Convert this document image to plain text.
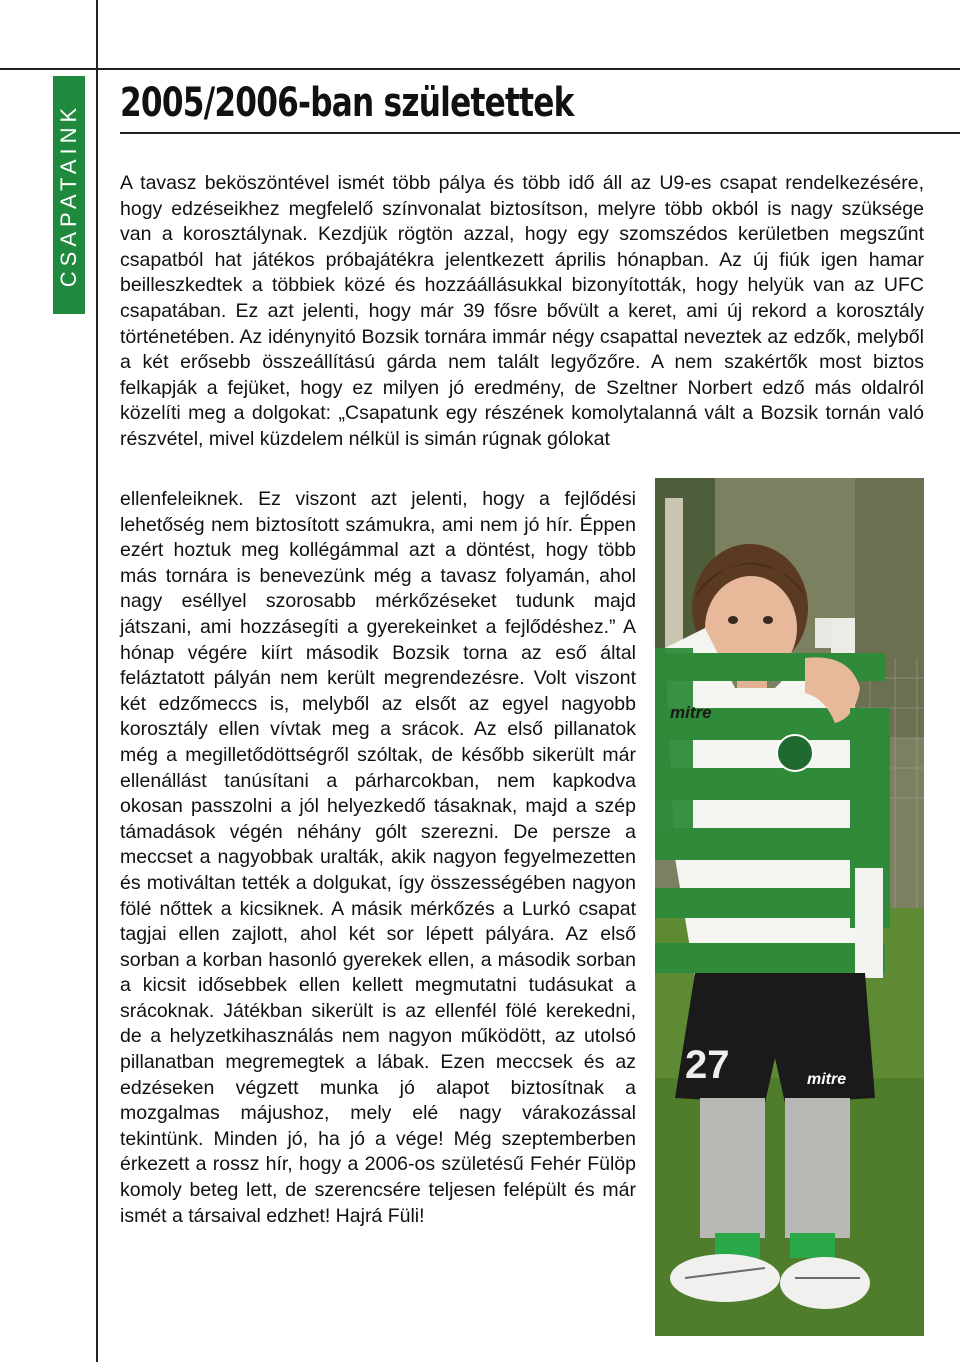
CSAPATAINK 2005/2006-ban születettek

A tavasz beköszöntével ismét több pálya és több idő áll az U9-es csapat rendelkezésére, hogy edzéseikhez megfelelő színvonalat biztosítson, melyre több okból is nagy szüksége van a korosztálynak. Kezdjük rögtön azzal, hogy egy szomszédos kerületben megszűnt csapatból hat játékos próbajátékra jelentkezett április hónapban. Az új fiúk igen hamar beilleszkedtek a többiek közé és hozzáállásukkal bizonyították, hogy helyük van az UFC csapatában. Ez azt jelenti, hogy már 39 fősre bővült a keret, ami új rekord a korosztály történetében. Az idénynyitó Bozsik tornára immár négy csapattal neveztek az edzők, melyből a két erősebb összeállítású gárda nem talált legyőzőre. A nem szakértők most biztos felkapják a fejüket, hogy ez milyen jó eredmény, de Szeltner Norbert edző más oldalról közelíti meg a dolgokat: „Csapatunk egy részének komolytalanná vált a Bozsik tornán való részvétel, mivel küzdelem nélkül is simán rúgnak gólokat

27
mitre
mitre

ellenfeleiknek. Ez viszont azt jelenti, hogy a fejlődési lehetőség nem biztosított számukra, ami nem jó hír. Éppen ezért hoztuk meg kollégámmal azt a döntést, hogy több más tornára is benevezünk még a tavasz folyamán, ahol nagy eséllyel szorosabb mérkőzéseket tudunk majd játszani, ami hozzásegíti a gyerekeinket a fejlődéshez.” A hónap végére kiírt második Bozsik torna az eső által feláztatott pályán nem került megrendezésre. Volt viszont két edzőmeccs is, melyből az elsőt az egyel nagyobb korosztály ellen vívtak meg a srácok. Az első pillanatok még a megilletődöttségről szóltak, de később sikerült már ellenállást tanúsítani a párharcokban, nem kapkodva okosan passzolni a jól helyezkedő tásaknak, majd a szép támadások végén néhány gólt szerezni. De persze a meccset a nagyobbak uralták, akik nagyon fegyelmezetten és motiváltan tették a dolgukat, így összességében nagyon fölé nőttek a kicsiknek. A másik mérkőzés a Lurkó csapat tagjai ellen zajlott, ahol két sor lépett pályára. Az első sorban a korban hasonló gyerekek ellen, a második sorban a kicsit idősebbek ellen kellett megmutatni tudásukat a srácoknak. Játékban sikerült is az ellenfél fölé kerekedni, de a helyzetkihasználás nem nagyon működött, az utolsó pillanatban megremegtek a lábak. Ezen meccsek és az edzéseken végzett munka jó alapot biztosítnak a mozgalmas májushoz, mely elé nagy várakozással tekintünk. Minden jó, ha jó a vége! Még szeptemberben érkezett a rossz hír, hogy a 2006-os születésű Fehér Fülöp komoly beteg lett, de szerencsére teljesen felépült és már ismét a társaival edzhet! Hajrá Füli!
